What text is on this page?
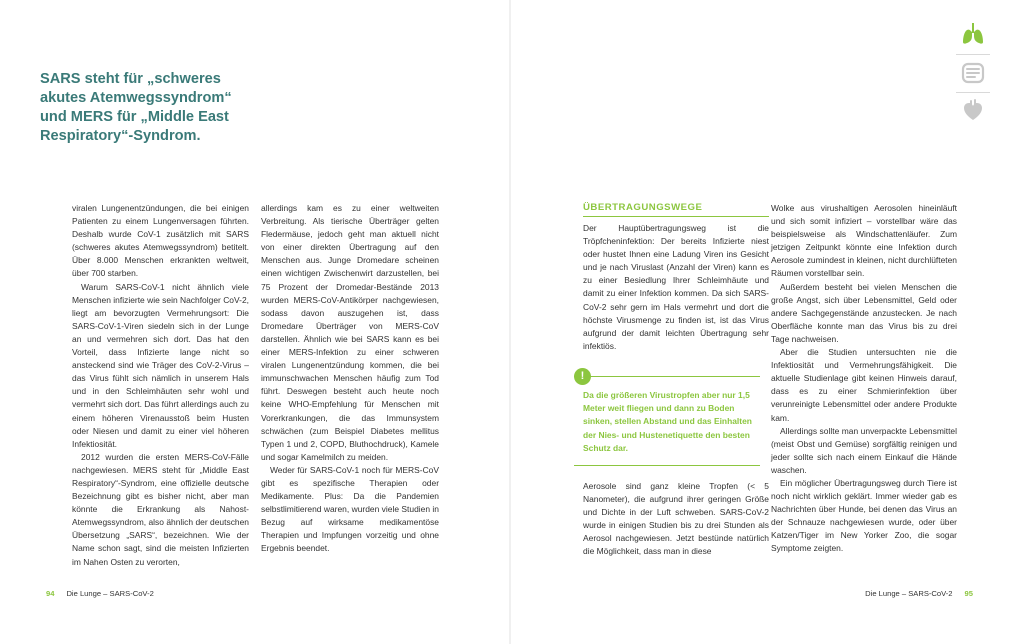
SARS steht für „schweres akutes Atemwegssyndrom“ und MERS für „Middle East Respiratory“-Syndrom.

viralen Lungenentzündungen, die bei einigen Patienten zu einem Lungenversagen führten. Deshalb wurde CoV-1 zusätzlich mit SARS (schweres akutes Atemwegssyndrom) betitelt. Über 8.000 Menschen erkrankten weltweit, über 700 starben.

Warum SARS-CoV-1 nicht ähnlich viele Menschen infizierte wie sein Nachfolger CoV-2, liegt am bevorzugten Vermehrungsort: Die SARS-CoV-1-Viren siedeln sich in der Lunge an und vermehren sich dort. Das hat den Vorteil, dass Infizierte lange nicht so ansteckend sind wie Träger des CoV-2-Virus – das Virus fühlt sich nämlich in unserem Hals und in den Schleimhäuten sehr wohl und vermehrt sich dort. Das führt allerdings auch zu einem höheren Virenausstoß beim Husten oder Niesen und damit zu einer viel höheren Infektiosität.

2012 wurden die ersten MERS-CoV-Fälle nachgewiesen. MERS steht für „Middle East Respiratory“-Syndrom, eine offizielle deutsche Bezeichnung gibt es bisher nicht, aber man könnte die Erkrankung als Nahost-Atemwegssyndrom, also ähnlich der deutschen Übersetzung „SARS“, bezeichnen. Wie der Name schon sagt, sind die meisten Infizierten im Nahen Osten zu verorten,

allerdings kam es zu einer weltweiten Verbreitung. Als tierische Überträger gelten Fledermäuse, jedoch geht man aktuell nicht von einer direkten Übertragung auf den Menschen aus. Junge Dromedare scheinen einen wichtigen Zwischenwirt darzustellen, bei 75 Prozent der Dromedar-Bestände 2013 wurden MERS-CoV-Antikörper nachgewiesen, sodass davon auszugehen ist, dass Dromedare Überträger von MERS-CoV darstellen. Ähnlich wie bei SARS kann es bei einer MERS-Infektion zu einer schweren viralen Lungenentzündung kommen, die bei immunschwachen Menschen häufig zum Tod führt. Deswegen besteht auch heute noch keine WHO-Empfehlung für Menschen mit Vorerkrankungen, die das Immunsystem schwächen (zum Beispiel Diabetes mellitus Typen 1 und 2, COPD, Bluthochdruck), Kamele und sogar Kamelmilch zu meiden.

Weder für SARS-CoV-1 noch für MERS-CoV gibt es spezifische Therapien oder Medikamente. Plus: Da die Pandemien selbstlimitierend waren, wurden viele Studien in Bezug auf wirksame medikamentöse Therapien und Impfungen vorzeitig und ohne Ergebnis beendet.

94 Die Lunge – SARS-CoV-2
ÜBERTRAGUNGSWEGE

Der Hauptübertragungsweg ist die Tröpfcheninfektion: Der bereits Infizierte niest oder hustet Ihnen eine Ladung Viren ins Gesicht und je nach Viruslast (Anzahl der Viren) kann es zu einer Besiedlung Ihrer Schleimhäute und damit zu einer Infektion kommen. Da sich SARS-CoV-2 sehr gern im Hals vermehrt und dort die höchste Virusmenge zu finden ist, ist das Virus aufgrund der damit leichten Übertragung sehr infektiös.

!

Da die größeren Virustropfen aber nur 1,5 Meter weit fliegen und dann zu Boden sinken, stellen Abstand und das Einhalten der Nies- und Hustenetiquette den besten Schutz dar.

Aerosole sind ganz kleine Tropfen (< 5 Nanometer), die aufgrund ihrer geringen Größe und Dichte in der Luft schweben. SARS-CoV-2 wurde in einigen Studien bis zu drei Stunden als Aerosol nachgewiesen. Jetzt bestünde natürlich die Möglichkeit, dass man in diese

Wolke aus virushaltigen Aerosolen hineinläuft und sich somit infiziert – vorstellbar wäre das beispielsweise als Windschattenläufer. Zum jetzigen Zeitpunkt könnte eine Infektion durch Aerosole zumindest in kleinen, nicht durchlüfteten Räumen vorstellbar sein.

Außerdem besteht bei vielen Menschen die große Angst, sich über Lebensmittel, Geld oder andere Sachgegenstände anzustecken. Je nach Oberfläche konnte man das Virus bis zu drei Tage nachweisen.

Aber die Studien untersuchten nie die Infektiosität und Vermehrungsfähigkeit. Die aktuelle Studienlage gibt keinen Hinweis darauf, dass es zu einer Schmierinfektion über verunreinigte Lebensmittel oder andere Produkte kam.

Allerdings sollte man unverpackte Lebensmittel (meist Obst und Gemüse) sorgfältig reinigen und jeder sollte sich nach einem Einkauf die Hände waschen.

Ein möglicher Übertragungsweg durch Tiere ist noch nicht wirklich geklärt. Immer wieder gab es Nachrichten über Hunde, bei denen das Virus an der Schnauze nachgewiesen wurde, oder über Katzen/Tiger im New Yorker Zoo, die sogar Symptome zeigten.

Die Lunge – SARS-CoV-2 95
